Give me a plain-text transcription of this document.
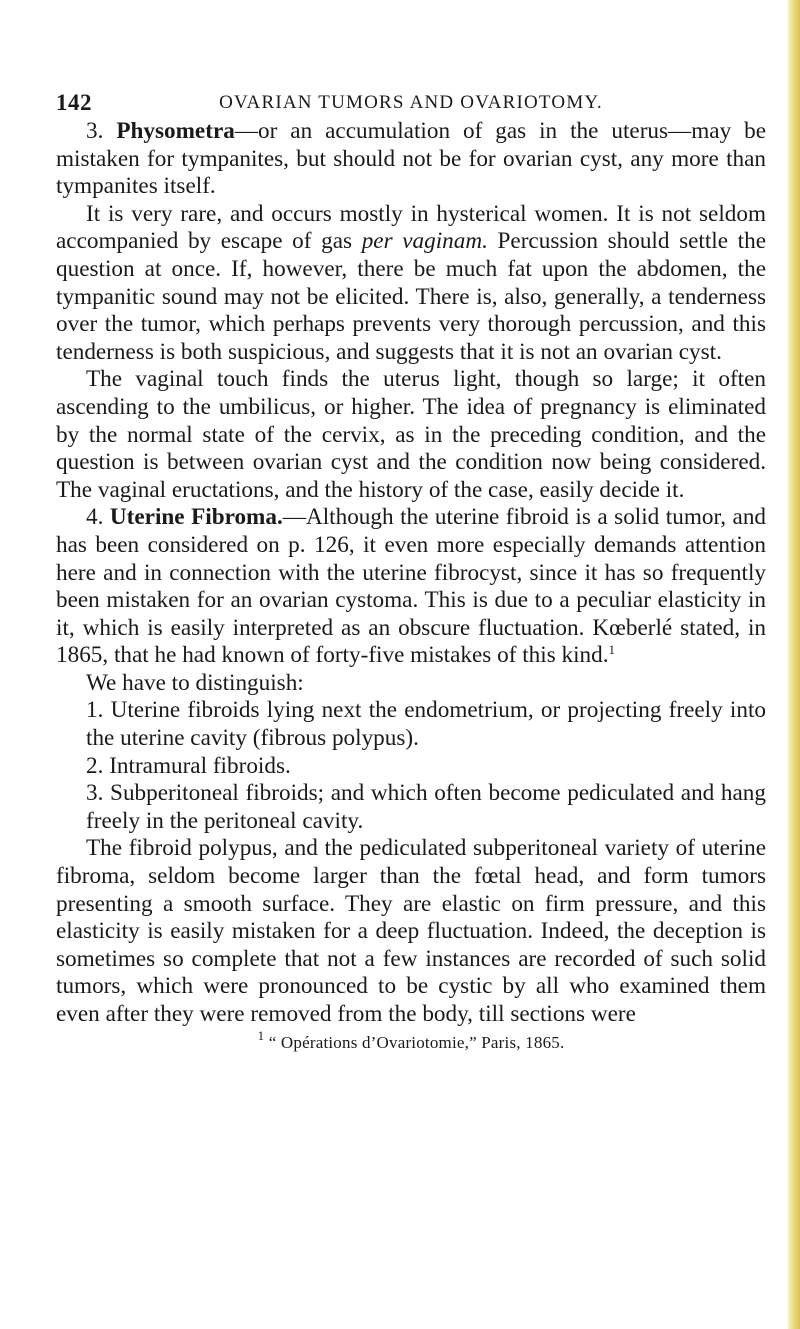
142	OVARIAN TUMORS AND OVARIOTOMY.

3. Physometra—or an accumulation of gas in the uterus—may be mistaken for tympanites, but should not be for ovarian cyst, any more than tympanites itself.

It is very rare, and occurs mostly in hysterical women. It is not seldom accompanied by escape of gas per vaginam. Percussion should settle the question at once. If, however, there be much fat upon the abdomen, the tympanitic sound may not be elicited. There is, also, generally, a tenderness over the tumor, which perhaps prevents very thorough percussion, and this tenderness is both suspicious, and suggests that it is not an ovarian cyst.

The vaginal touch finds the uterus light, though so large; it often ascending to the umbilicus, or higher. The idea of pregnancy is eliminated by the normal state of the cervix, as in the preceding condition, and the question is between ovarian cyst and the condition now being considered. The vaginal eructations, and the history of the case, easily decide it.

4. Uterine Fibroma.—Although the uterine fibroid is a solid tumor, and has been considered on p. 126, it even more especially demands attention here and in connection with the uterine fibrocyst, since it has so frequently been mistaken for an ovarian cystoma. This is due to a peculiar elasticity in it, which is easily interpreted as an obscure fluctuation. Kœberlé stated, in 1865, that he had known of forty-five mistakes of this kind.$^1$

We have to distinguish:

1. Uterine fibroids lying next the endometrium, or projecting freely into the uterine cavity (fibrous polypus).

2. Intramural fibroids.

3. Subperitoneal fibroids; and which often become pediculated and hang freely in the peritoneal cavity.

The fibroid polypus, and the pediculated subperitoneal variety of uterine fibroma, seldom become larger than the fœtal head, and form tumors presenting a smooth surface. They are elastic on firm pressure, and this elasticity is easily mistaken for a deep fluctuation. Indeed, the deception is sometimes so complete that not a few instances are recorded of such solid tumors, which were pronounced to be cystic by all who examined them even after they were removed from the body, till sections were

$^1$ “ Opérations d’Ovariotomie,” Paris, 1865.
